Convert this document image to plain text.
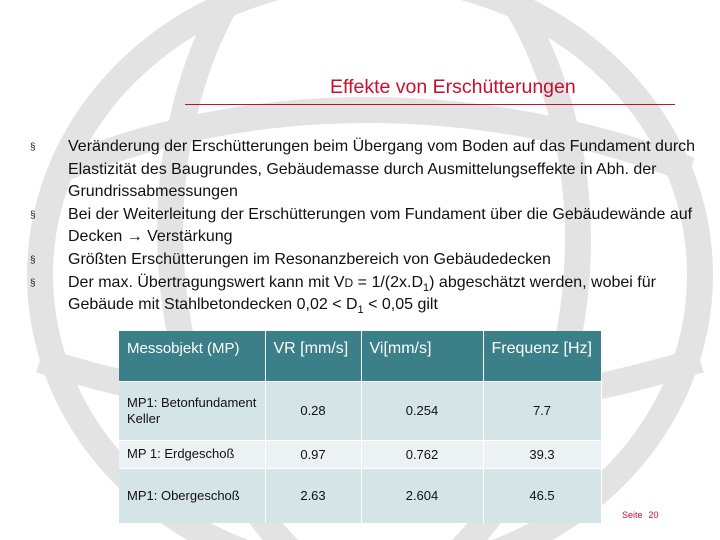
Effekte von Erschütterungen
§ Veränderung der Erschütterungen beim Übergang vom Boden auf das Fundament durch Elastizität des Baugrundes, Gebäudemasse durch Ausmittelungseffekte in Abh. der Grundrissabmessungen
§ Bei der Weiterleitung der Erschütterungen vom Fundament über die Gebäudewände auf Decken → Verstärkung
§ Größten Erschütterungen im Resonanzbereich von Gebäudedecken
§ Der max. Übertragungswert kann mit VD = $1/(2x.D_1)$ abgeschätzt werden, wobei für Gebäude mit Stahlbetondecken $0,02 < D_1 < 0,05$ gilt
Messobjekt (MP)	VR [mm/s]	Vi[mm/s]	Frequenz [Hz]
MP1: Betonfundament Keller	0.28	0.254	7.7
MP 1: Erdgeschoß	0.97	0.762	39.3
MP1: Obergeschoß	2.63	2.604	46.5
Seite 20
